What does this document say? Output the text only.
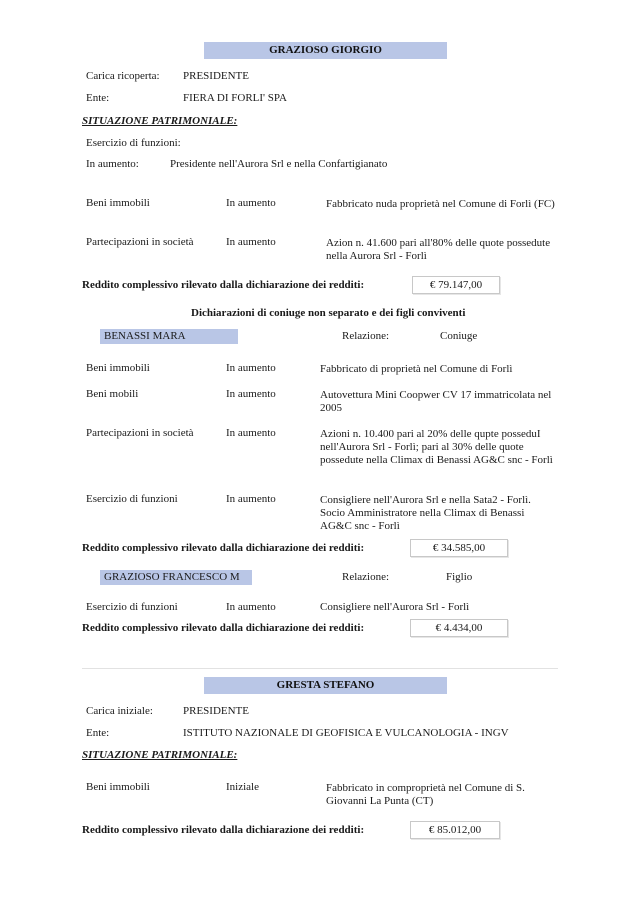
GRAZIOSO GIORGIO
Carica ricoperta: PRESIDENTE
Ente:	FIERA DI FORLI' SPA
SITUAZIONE PATRIMONIALE:
Esercizio di funzioni:
In aumento:	Presidente nell'Aurora Srl e nella Confartigianato
Beni immobili	In aumento	Fabbricato nuda proprietà nel Comune di Forlì (FC)
Partecipazioni in società	In aumento	Azion n. 41.600 pari all'80% delle quote possedute nella Aurora Srl - Forlì
Reddito complessivo rilevato dalla dichiarazione dei redditi:	€ 79.147,00
Dichiarazioni di coniuge non separato e dei figli conviventi
BENASSI MARA	Relazione:	Coniuge
Beni immobili	In aumento	Fabbricato di proprietà nel Comune di Forlì
Beni mobili	In aumento	Autovettura Mini Coopwer CV 17 immatricolata nel 2005
Partecipazioni in società	In aumento	Azioni n. 10.400 pari al 20% delle qupte posseduI nell'Aurora Srl - Forlì; pari al 30% delle quote possedute nella Climax di Benassi AG&C snc - Forlì
Esercizio di funzioni	In aumento	Consigliere nell'Aurora Srl e nella Sata2 - Forlì. Socio Amministratore nella Climax di Benassi AG&C snc - Forlì
Reddito complessivo rilevato dalla dichiarazione dei redditi:	€ 34.585,00
GRAZIOSO FRANCESCO M	Relazione:	Figlio
Esercizio di funzioni	In aumento	Consigliere nell'Aurora Srl - Forlì
Reddito complessivo rilevato dalla dichiarazione dei redditi:	€ 4.434,00
GRESTA STEFANO
Carica iniziale:	PRESIDENTE
Ente:	ISTITUTO NAZIONALE DI GEOFISICA E VULCANOLOGIA - INGV
SITUAZIONE PATRIMONIALE:
Beni immobili	Iniziale	Fabbricato in comproprietà nel Comune di S. Giovanni La Punta (CT)
Reddito complessivo rilevato dalla dichiarazione dei redditi:	€ 85.012,00
